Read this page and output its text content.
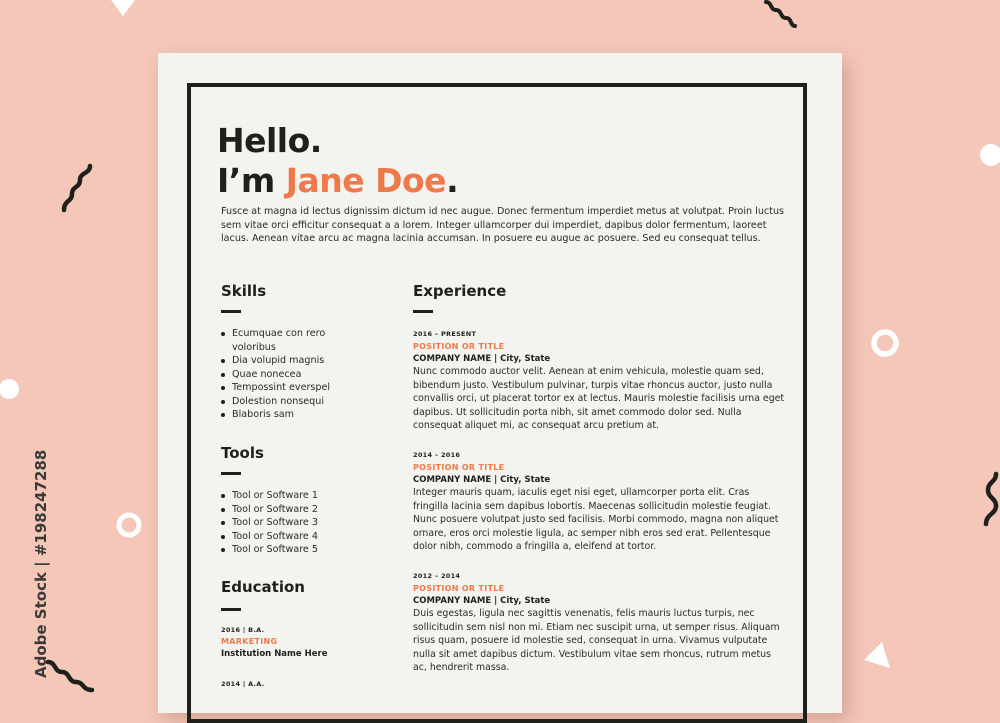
Adobe Stock | #198247288
Hello.
I’m Jane Doe.
Fusce at magna id lectus dignissim dictum id nec augue. Donec fermentum imperdiet metus at volutpat. Proin luctus sem vitae orci efficitur consequat a a lorem. Integer ullamcorper dui imperdiet, dapibus dolor fermentum, laoreet lacus. Aenean vitae arcu ac magna lacinia accumsan. In posuere eu augue ac posuere. Sed eu consequat tellus.
Skills
Ecumquae con rero
voloribus
Dia volupid magnis
Quae nonecea
Tempossint everspel
Dolestion nonsequi
Blaboris sam
Tools
Tool or Software 1
Tool or Software 2
Tool or Software 3
Tool or Software 4
Tool or Software 5
Education
2016 | B.A.
MARKETING
Institution Name Here
2014 | A.A.
Experience
2016 – PRESENT
POSITION OR TITLE
COMPANY NAME | City, State
Nunc commodo auctor velit. Aenean at enim vehicula, molestie quam sed, bibendum justo. Vestibulum pulvinar, turpis vitae rhoncus auctor, justo nulla convallis orci, ut placerat tortor ex at lectus. Mauris molestie facilisis urna eget dapibus. Ut sollicitudin porta nibh, sit amet commodo dolor sed. Nulla consequat aliquet mi, ac consequat arcu pretium at.
2014 – 2016
POSITION OR TITLE
COMPANY NAME | City, State
Integer mauris quam, iaculis eget nisi eget, ullamcorper porta elit. Cras fringilla lacinia sem dapibus lobortis. Maecenas sollicitudin molestie feugiat. Nunc posuere volutpat justo sed facilisis. Morbi commodo, magna non aliquet ornare, eros orci molestie ligula, ac semper nibh eros sed erat. Pellentesque dolor nibh, commodo a fringilla a, eleifend at tortor.
2012 – 2014
POSITION OR TITLE
COMPANY NAME | City, State
Duis egestas, ligula nec sagittis venenatis, felis mauris luctus turpis, nec sollicitudin sem nisl non mi. Etiam nec suscipit urna, ut semper risus. Aliquam risus quam, posuere id molestie sed, consequat in urna. Vivamus vulputate nulla sit amet dapibus dictum. Vestibulum vitae sem rhoncus, rutrum metus ac, hendrerit massa.
